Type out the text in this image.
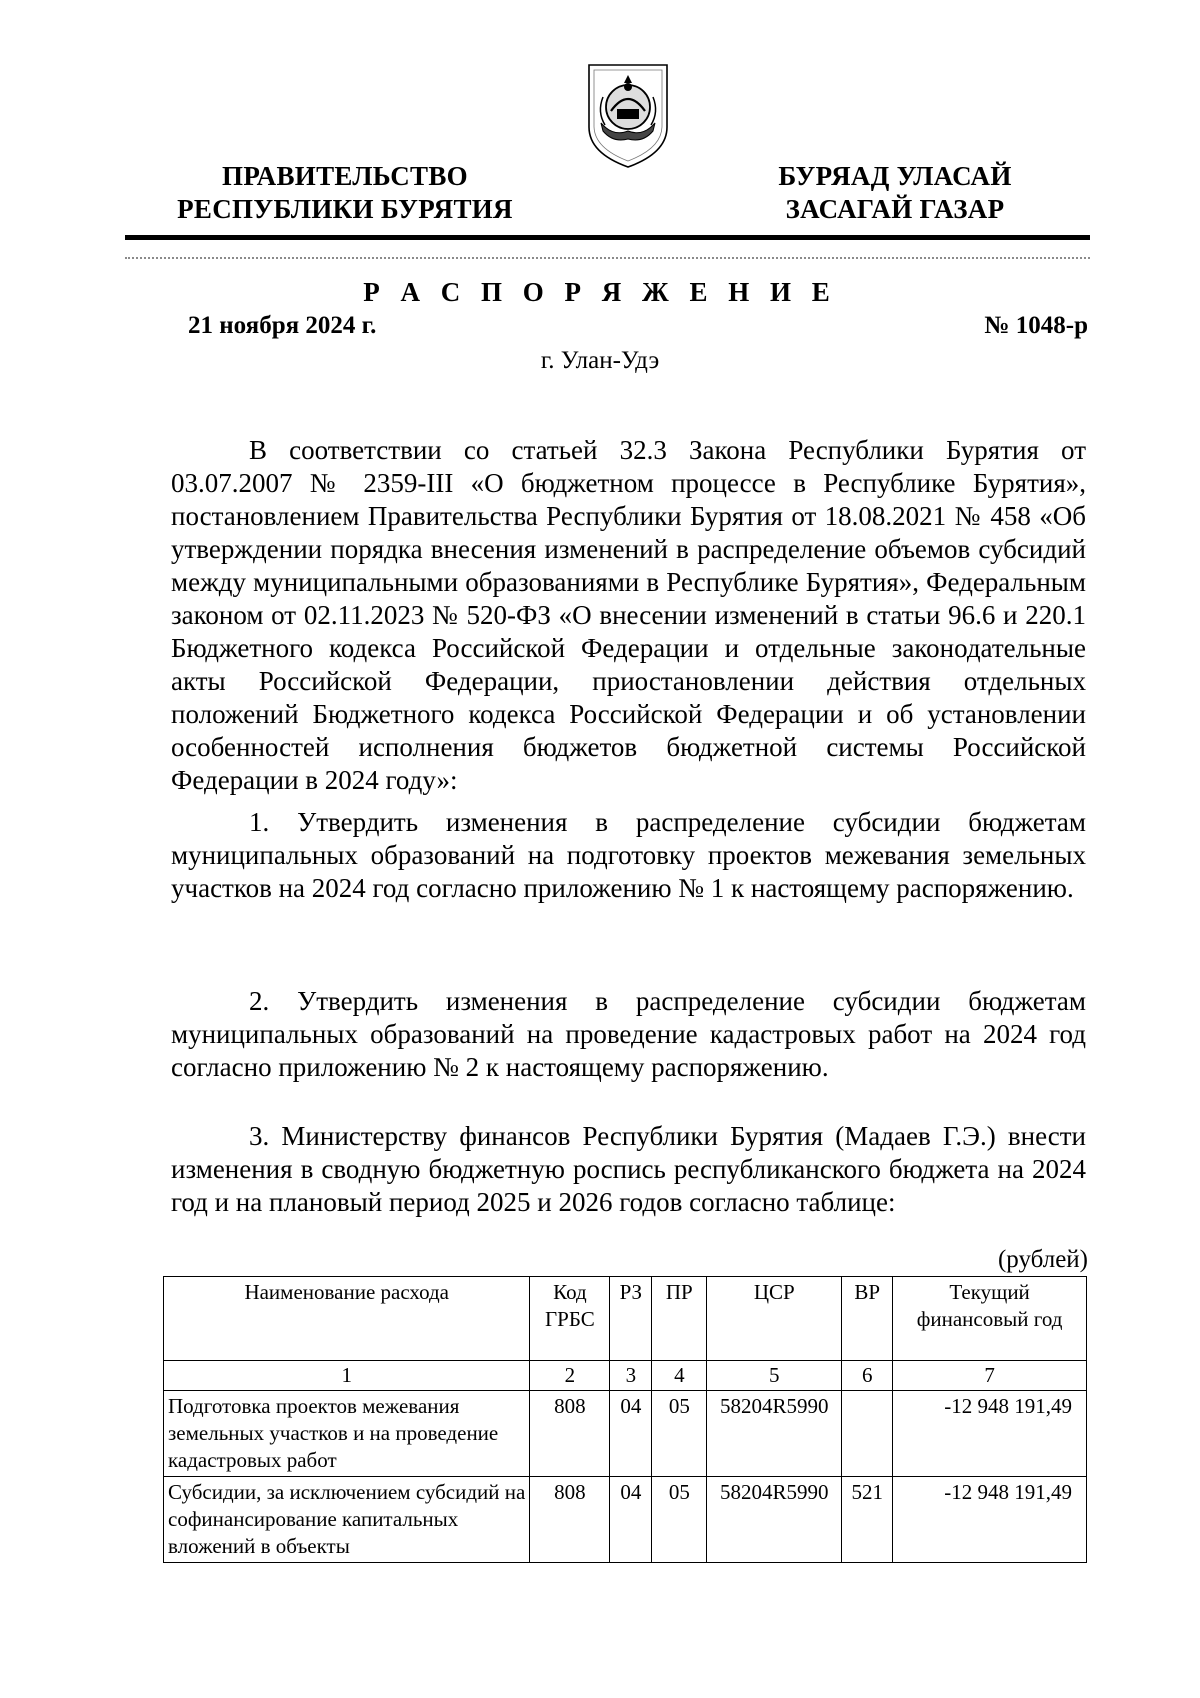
ПРАВИТЕЛЬСТВО
РЕСПУБЛИКИ БУРЯТИЯ
БУРЯАД УЛАСАЙ
ЗАСАГАЙ ГАЗАР
Р А С П О Р Я Ж Е Н И Е
21 ноября 2024 г.	№ 1048-р
г. Улан-Удэ

В соответствии со статьей 32.3 Закона Республики Бурятия от 03.07.2007 № 2359-III «О бюджетном процессе в Республике Бурятия», постановлением Правительства Республики Бурятия от 18.08.2021 № 458 «Об утверждении порядка внесения изменений в распределение объемов субсидий между муниципальными образованиями в Республике Бурятия», Федеральным законом от 02.11.2023 № 520-ФЗ «О внесении изменений в статьи 96.6 и 220.1 Бюджетного кодекса Российской Федерации и отдельные законодательные акты Российской Федерации, приостановлении действия отдельных положений Бюджетного кодекса Российской Федерации и об установлении особенностей исполнения бюджетов бюджетной системы Российской Федерации в 2024 году»:

1. Утвердить изменения в распределение субсидии бюджетам муниципальных образований на подготовку проектов межевания земельных участков на 2024 год согласно приложению № 1 к настоящему распоряжению.

2. Утвердить изменения в распределение субсидии бюджетам муниципальных образований на проведение кадастровых работ на 2024 год согласно приложению № 2 к настоящему распоряжению.

3. Министерству финансов Республики Бурятия (Мадаев Г.Э.) внести изменения в сводную бюджетную роспись республиканского бюджета на 2024 год и на плановый период 2025 и 2026 годов согласно таблице:

(рублей)
Наименование расхода	Код ГРБС	РЗ	ПР	ЦСР	ВР	Текущий финансовый год
1	2	3	4	5	6	7
Подготовка проектов межевания земельных участков и на проведение кадастровых работ	808	04	05	58204R5990		-12 948 191,49
Субсидии, за исключением субсидий на софинансирование капитальных вложений в объекты	808	04	05	58204R5990	521	-12 948 191,49
